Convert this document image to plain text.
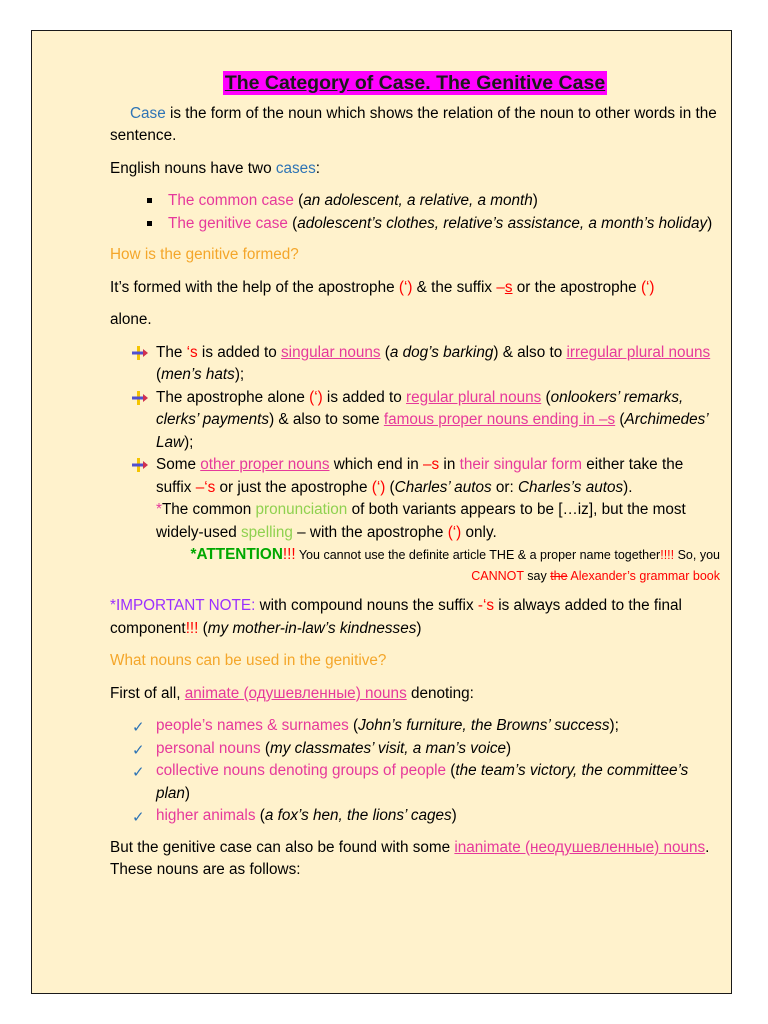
The Category of Case. The Genitive Case

Case is the form of the noun which shows the relation of the noun to other words in the sentence.

English nouns have two cases:

The common case (an adolescent, a relative, a month)
The genitive case (adolescent’s clothes, relative’s assistance, a month’s holiday)

How is the genitive formed?

It’s formed with the help of the apostrophe (‘) & the suffix –s or the apostrophe (‘)

alone.

The ‘s is added to singular nouns (a dog’s barking) & also to irregular plural nouns (men’s hats);
The apostrophe alone (‘) is added to regular plural nouns (onlookers’ remarks, clerks’ payments) & also to some famous proper nouns ending in –s (Archimedes’ Law);
Some other proper nouns which end in –s in their singular form either take the suffix –‘s or just the apostrophe (‘) (Charles’ autos or: Charles’s autos).
*The common pronunciation of both variants appears to be […iz], but the most widely-used spelling – with the apostrophe (‘) only.
*ATTENTION!!! You cannot use the definite article THE & a proper name together!!!! So, you
CANNOT say the Alexander’s grammar book

*IMPORTANT NOTE: with compound nouns the suffix -‘s is always added to the final component!!! (my mother-in-law’s kindnesses)

What nouns can be used in the genitive?

First of all, animate (одушевленные) nouns denoting:

✓ people’s names & surnames (John’s furniture, the Browns’ success);
✓ personal nouns (my classmates’ visit, a man’s voice)
✓ collective nouns denoting groups of people (the team’s victory, the committee’s plan)
✓ higher animals (a fox’s hen, the lions’ cages)

But the genitive case can also be found with some inanimate (неодушевленные) nouns. These nouns are as follows:
